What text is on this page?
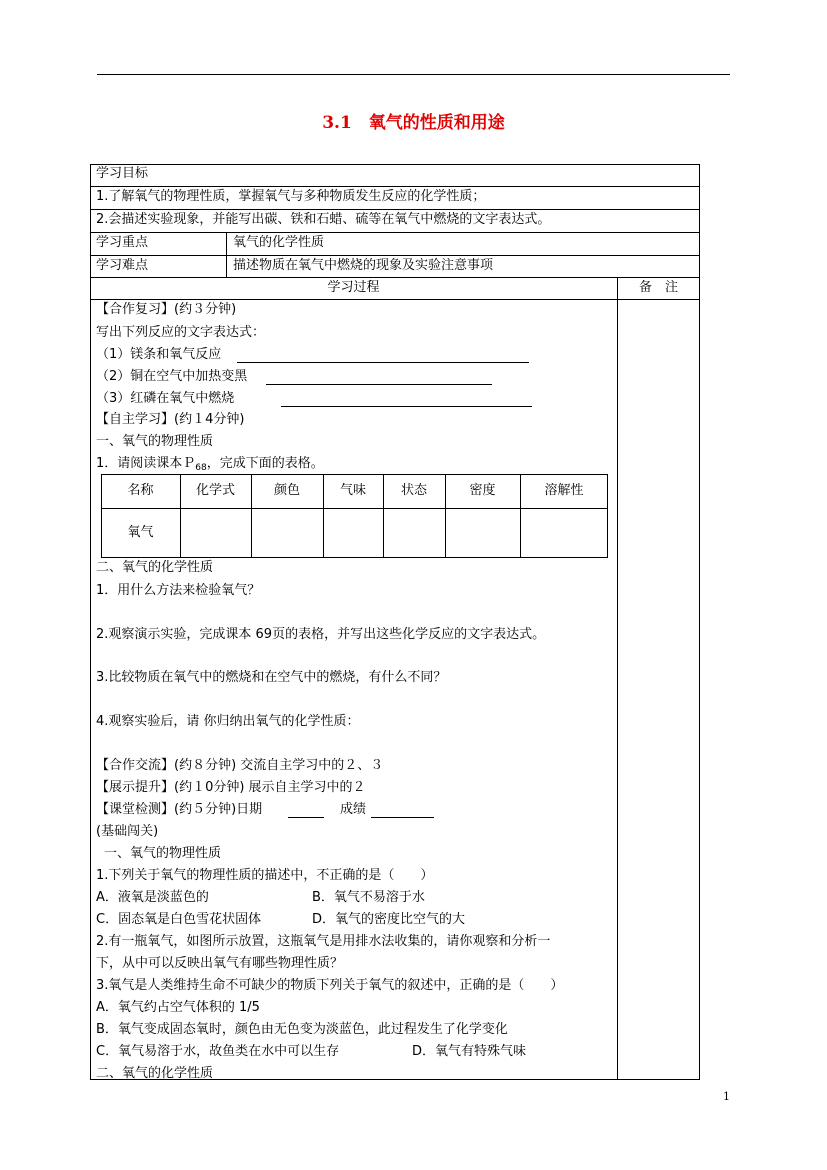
3.1　氧气的性质和用途
学习目标
1.了解氧气的物理性质，掌握氧气与多种物质发生反应的化学性质；
2.会描述实验现象，并能写出碳、铁和石蜡、硫等在氧气中燃烧的文字表达式。
学习重点	氧气的化学性质
学习难点	描述物质在氧气中燃烧的现象及实验注意事项
学习过程	备　注
【合作复习】(约３分钟)
写出下列反应的文字表达式：
（1）镁条和氧气反应
（2）铜在空气中加热变黑
（3）红磷在氧气中燃烧
【自主学习】(约１4分钟)
一、氧气的物理性质
1．请阅读课本Ｐ$_{68}$，完成下面的表格。
名称	化学式	颜色	气味	状态	密度	溶解性
氧气
二、氧气的化学性质
1．用什么方法来检验氧气？
2.观察演示实验，完成课本 69页的表格，并写出这些化学反应的文字表达式。
3.比较物质在氧气中的燃烧和在空气中的燃烧，有什么不同？
4.观察实验后，请 你归纳出氧气的化学性质：
【合作交流】(约８分钟) 交流自主学习中的２、３
【展示提升】(约１0分钟) 展示自主学习中的２
【课堂检测】(约５分钟)日期	成绩
(基础闯关)
一、氧气的物理性质
1.下列关于氧气的物理性质的描述中，不正确的是（　　）
A．液氧是淡蓝色的	B．氧气不易溶于水
C．固态氧是白色雪花状固体	D．氧气的密度比空气的大
2.有一瓶氧气，如图所示放置，这瓶氧气是用排水法收集的，请你观察和分析一
下，从中可以反映出氧气有哪些物理性质？
3.氧气是人类维持生命不可缺少的物质下列关于氧气的叙述中，正确的是（　　）
A．氧气约占空气体积的 1/5
B．氧气变成固态氧时，颜色由无色变为淡蓝色，此过程发生了化学变化
C．氧气易溶于水，故鱼类在水中可以生存	D．氧气有特殊气味
二、氧气的化学性质
1
